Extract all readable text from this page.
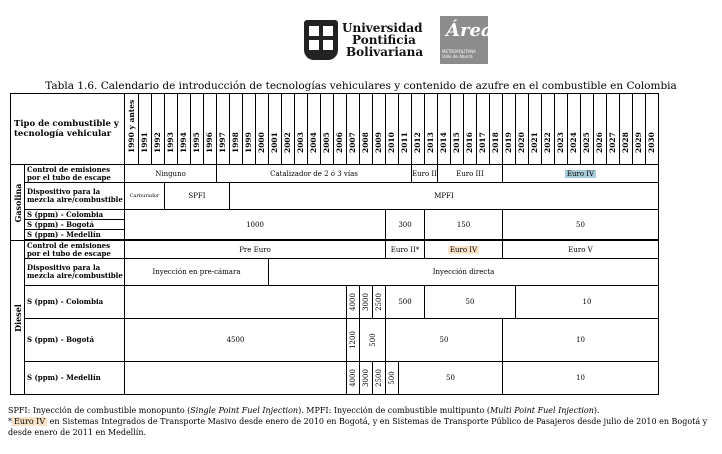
Universidad
Pontificia
Bolivariana
Área
METROPOLITANA
Valle de Aburrá
Tabla 1.6. Calendario de introducción de tecnologías vehiculares y contenido de azufre en el combustible en Colombia
Tipo de combustible y tecnología vehicular		1990 y antes	1991	1992	1993	1994	1995	1996	1997	1998	1999	2000	2001	2002	2003	2004	2005	2006	2007	2008	2009	2010	2011	2012	2013	2014	2015	2016	2017	2018	2019	2020	2021	2022	2023	2024	2025	2026	2027	2028	2029	2030

Gasolina	Control de emisiones por el tubo de escape	Ninguno							Catalizador de 2 ó 3 vías															Euro II		Euro III					Euro IV											
	Dispositivo para la mezcla aire/combustible	Carburador			SPFI					MPFI																																
	S (ppm) - Colombia	1000																				300			150						50											
	S (ppm) - Bogotá																																									
	S (ppm) - Medellín																																									

Diesel	Control de emisiones por el tubo de escape	Pre Euro																				Euro II*			Euro IV						Euro V											
	Dispositivo para la mezcla aire/combustible	Inyección en pre-cámara											Inyección directa																													
	S (ppm) - Colombia																		4000	3000	2500	500			50							10										
	S (ppm) - Bogotá	4500																	1200	500		50									10											
	S (ppm) - Medellín																		4000	3000	2500	500	50								10											
SPFI: Inyección de combustible monopunto (Single Point Fuel Injection). MPFI: Inyección de combustible multipunto (Multi Point Fuel Injection).
* Euro IV en Sistemas Integrados de Transporte Masivo desde enero de 2010 en Bogotá, y en Sistemas de Transporte Público de Pasajeros desde julio de 2010 en Bogotá y desde enero de 2011 en Medellín.
